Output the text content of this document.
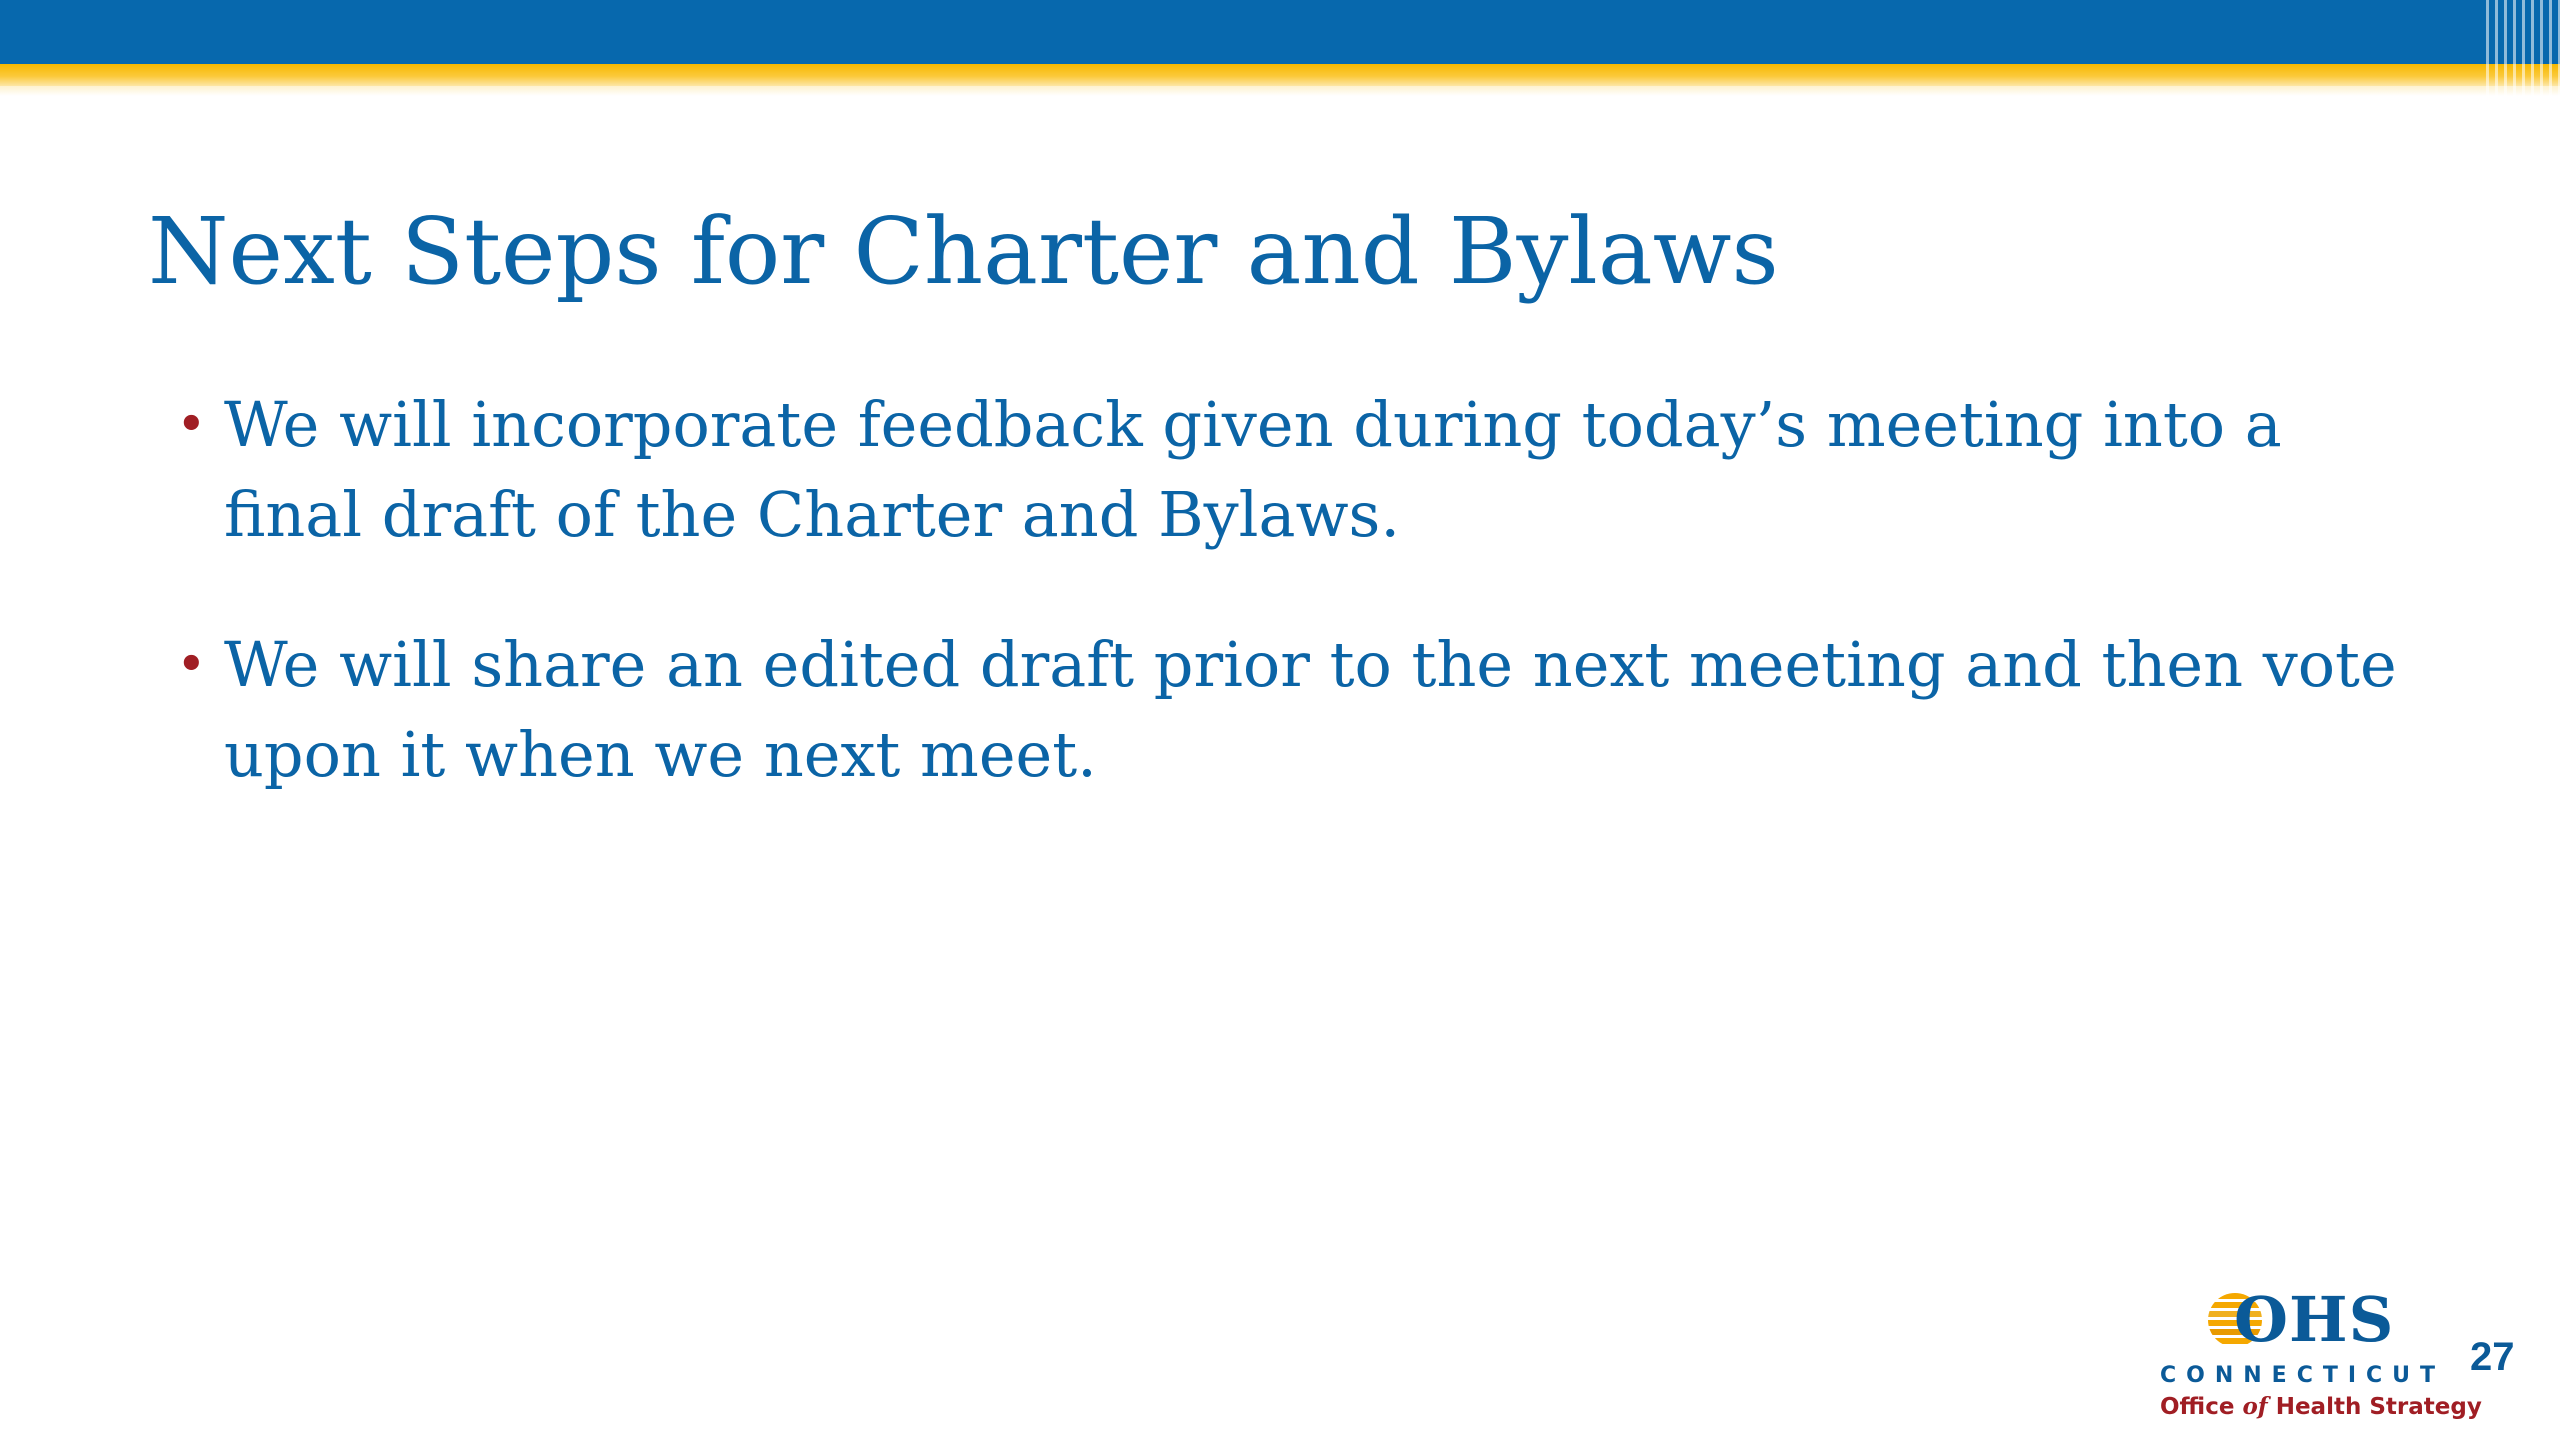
Next Steps for Charter and Bylaws
• We will incorporate feedback given during today’s meeting into a final draft of the Charter and Bylaws.
• We will share an edited draft prior to the next meeting and then vote upon it when we next meet.
OHS
CONNECTICUT
Office of Health Strategy
27
